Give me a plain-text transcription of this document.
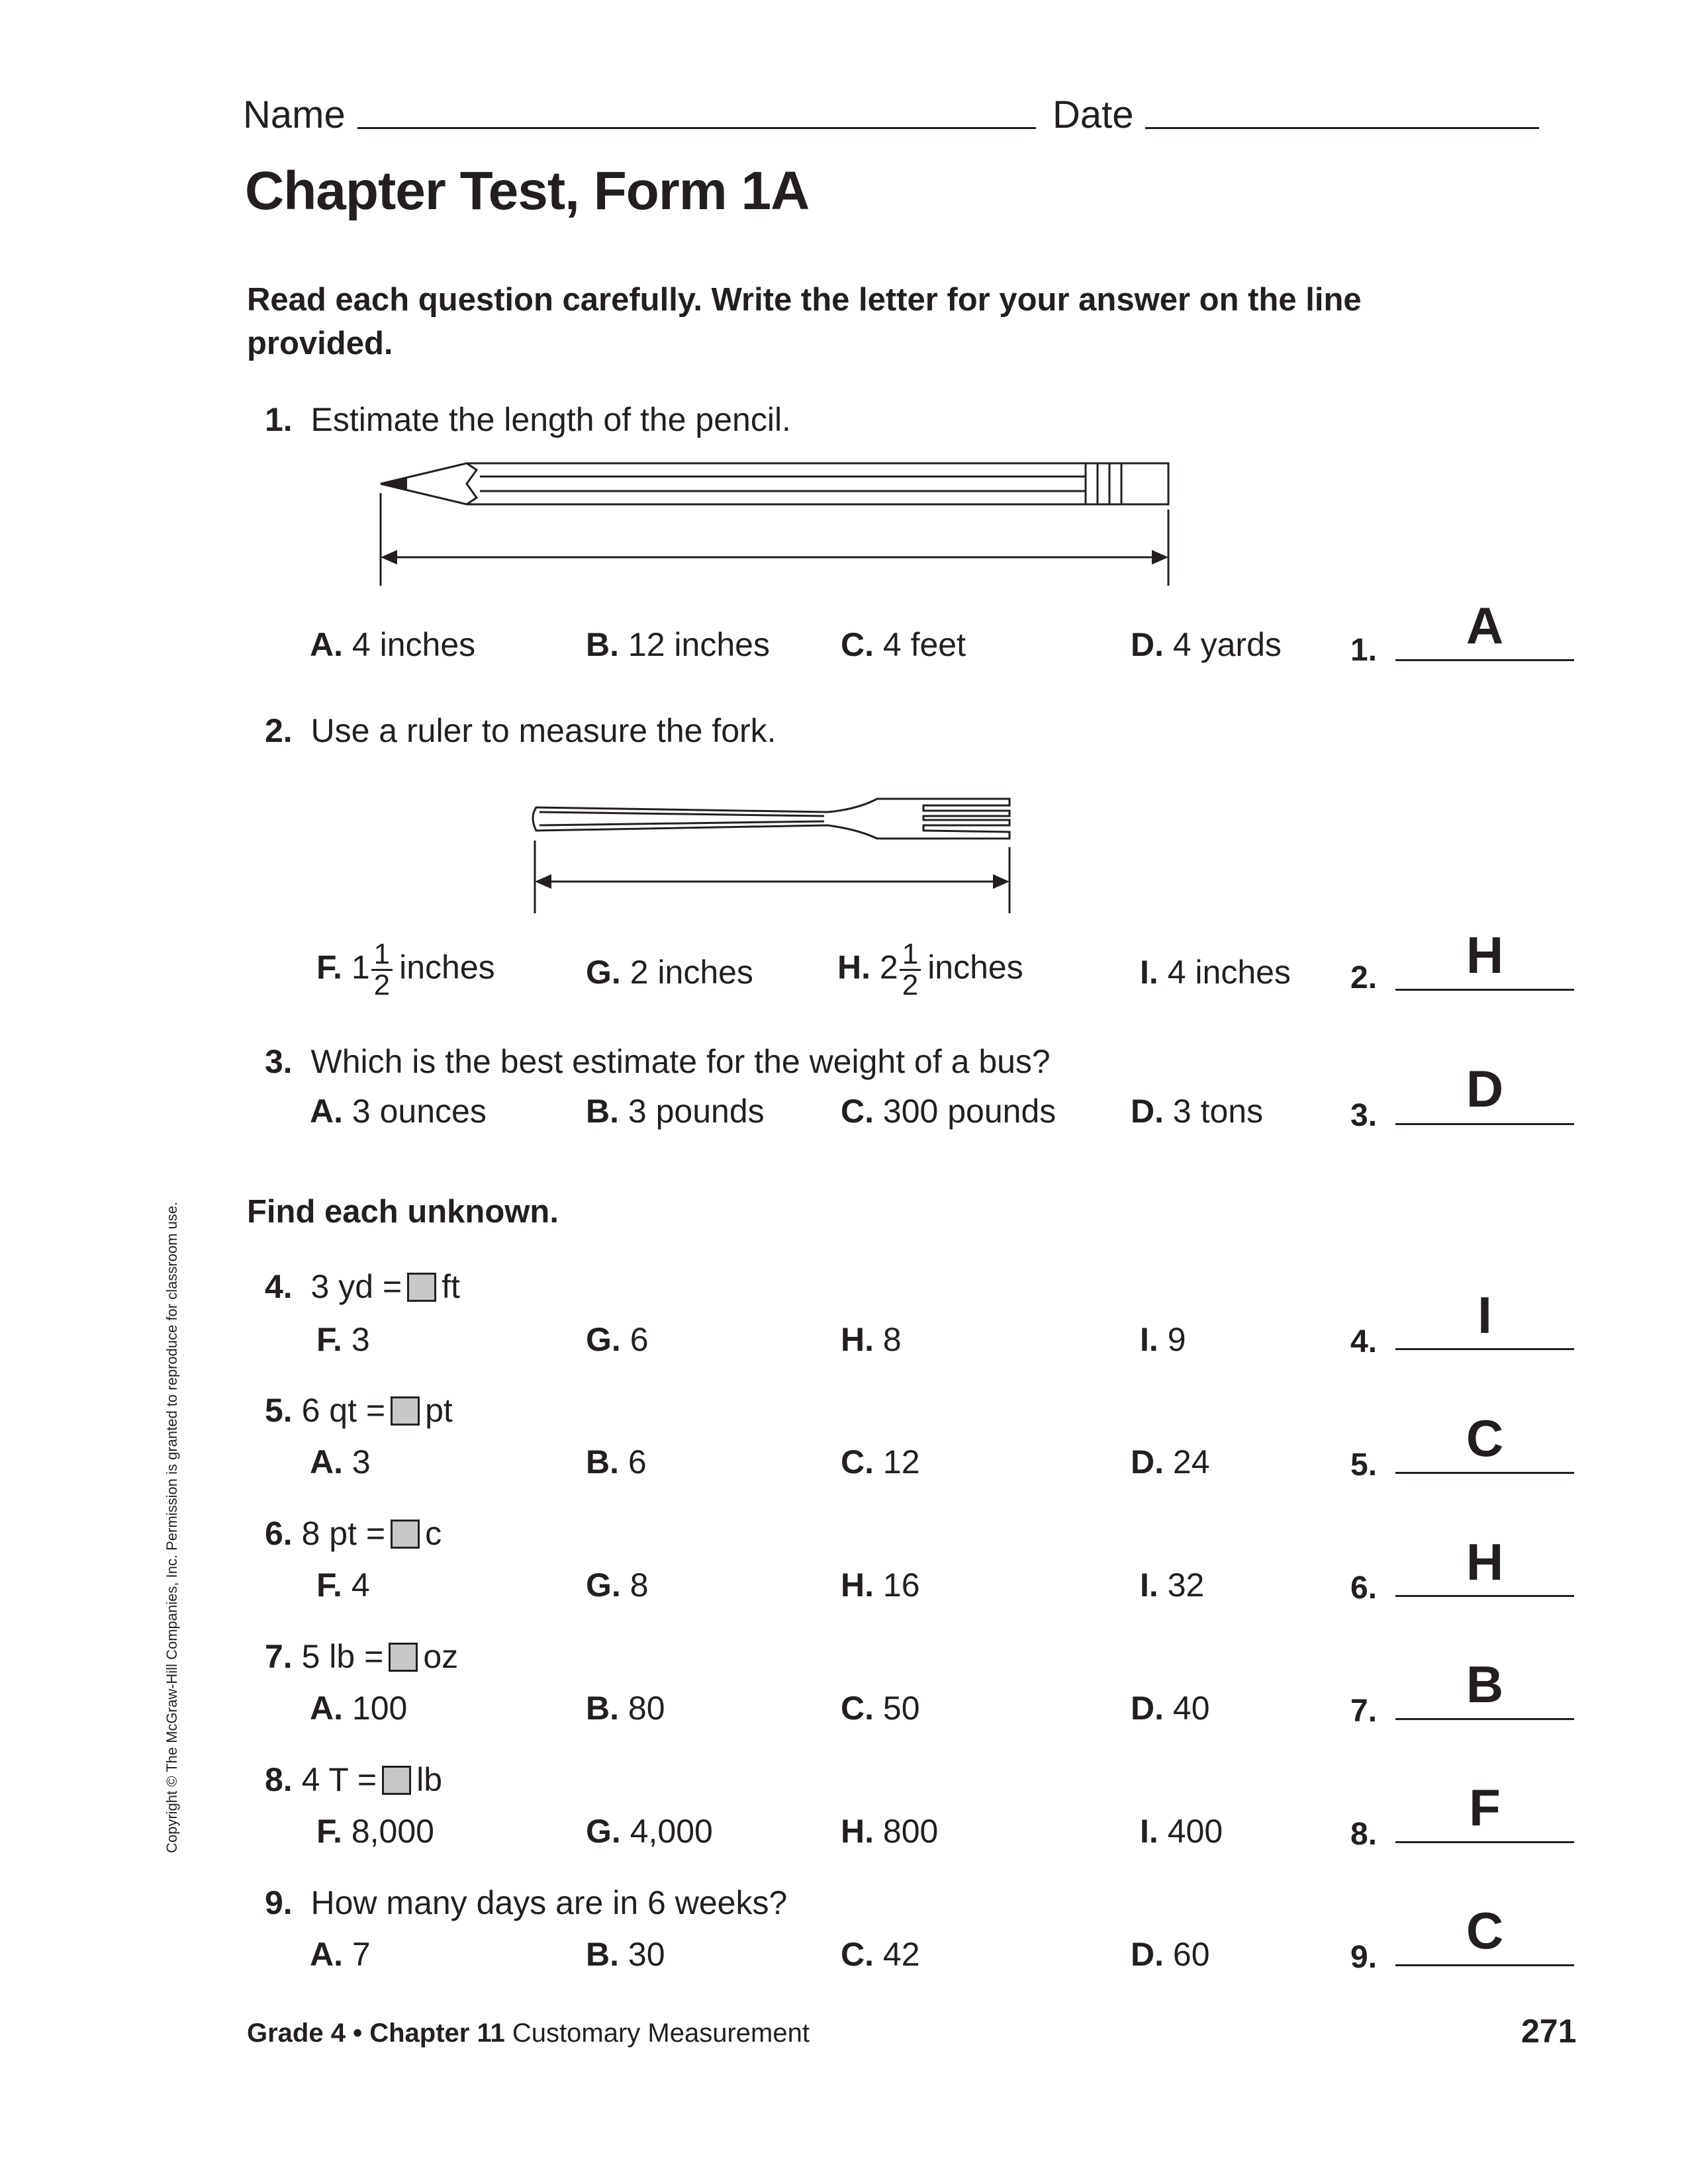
Name	Date
Chapter Test, Form 1A
Read each question carefully. Write the letter for your answer on the line provided.
1. Estimate the length of the pencil.
A. 4 inches	B. 12 inches C. 4 feet	D. 4 yards 1.	A
2. Use a ruler to measure the fork.
F. $1 \frac{1}{2}$ inches	G. 2 inches	H. $2 \frac{1}{2}$ inches	I. 4 inches 2.	H
3. Which is the best estimate for the weight of a bus?
A. 3 ounces	B. 3 pounds C. 300 pounds D. 3 tons	3.	D
Find each unknown.
4. 3 yd = ft
F. 3	G. 6	H. 8	I. 9	4.	I
5. 6 qt = pt
A. 3	B. 6	C. 12	D. 24	5.	C
6. 8 pt = c
F. 4	G. 8	H. 16	I. 32	6.	H
7. 5 lb = oz
A. 100	B. 80	C. 50	D. 40	7.	B
8. 4 T = lb
F. 8,000	G. 4,000	H. 800	I. 400	8.	F
9. How many days are in 6 weeks?
A. 7	B. 30	C. 42	D. 60	9.	C
Grade 4 • Chapter 11 Customary Measurement	271
Copyright © The McGraw-Hill Companies, Inc. Permission is granted to reproduce for classroom use.
